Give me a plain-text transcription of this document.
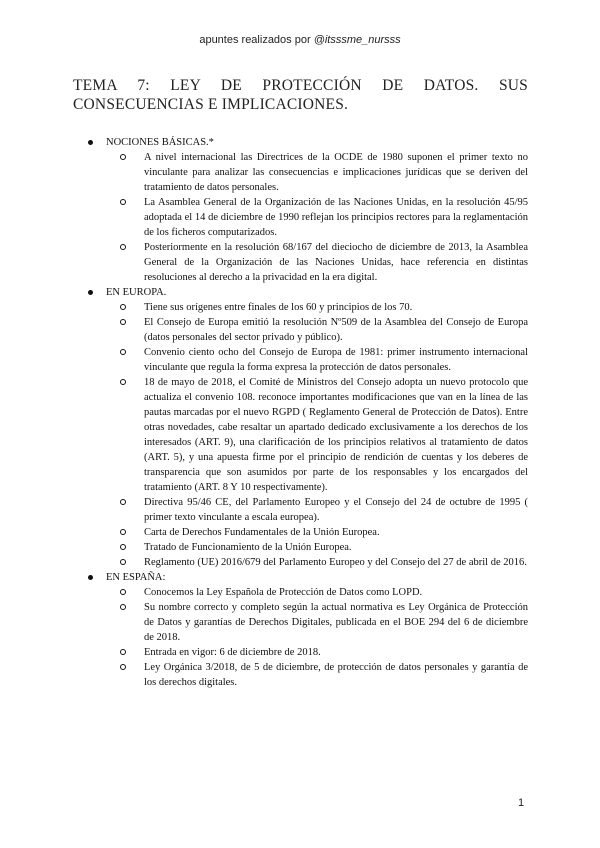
apuntes realizados por @itsssme_nursss
TEMA 7: LEY DE PROTECCIÓN DE DATOS. SUS CONSECUENCIAS E IMPLICACIONES.
NOCIONES BÁSICAS.*
A nivel internacional las Directrices de la OCDE de 1980 suponen el primer texto no vinculante para analizar las consecuencias e implicaciones jurídicas que se deriven del tratamiento de datos personales.
La Asamblea General de la Organización de las Naciones Unidas, en la resolución 45/95 adoptada el 14 de diciembre de 1990 reflejan los principios rectores para la reglamentación de los ficheros computarizados.
Posteriormente en la resolución 68/167 del dieciocho de diciembre de 2013, la Asamblea General de la Organización de las Naciones Unidas, hace referencia en distintas resoluciones al derecho a la privacidad en la era digital.
EN EUROPA.
Tiene sus orígenes entre finales de los 60 y principios de los 70.
El Consejo de Europa emitió la resolución Nº509 de la Asamblea del Consejo de Europa (datos personales del sector privado y público).
Convenio ciento ocho del Consejo de Europa de 1981: primer instrumento internacional vinculante que regula la forma expresa la protección de datos personales.
18 de mayo de 2018, el Comité de Ministros del Consejo adopta un nuevo protocolo que actualiza el convenio 108. reconoce importantes modificaciones que van en la línea de las pautas marcadas por el nuevo RGPD ( Reglamento General de Protección de Datos). Entre otras novedades, cabe resaltar un apartado dedicado exclusivamente a los derechos de los interesados (ART. 9), una clarificación de los principios relativos al tratamiento de datos (ART. 5), y una apuesta firme por el principio de rendición de cuentas y los deberes de transparencia que son asumidos por parte de los responsables y los encargados del tratamiento (ART. 8 Y 10 respectivamente).
Directiva 95/46 CE, del Parlamento Europeo y el Consejo del 24 de octubre de 1995 ( primer texto vinculante a escala europea).
Carta de Derechos Fundamentales de la Unión Europea.
Tratado de Funcionamiento de la Unión Europea.
Reglamento (UE) 2016/679 del Parlamento Europeo y del Consejo del 27 de abril de 2016.
EN ESPAÑA:
Conocemos la Ley Española de Protección de Datos como LOPD.
Su nombre correcto y completo según la actual normativa es Ley Orgánica de Protección de Datos y garantías de Derechos Digitales, publicada en el BOE 294 del 6 de diciembre de 2018.
Entrada en vigor: 6 de diciembre de 2018.
Ley Orgánica 3/2018, de 5 de diciembre, de protección de datos personales y garantía de los derechos digitales.
1
